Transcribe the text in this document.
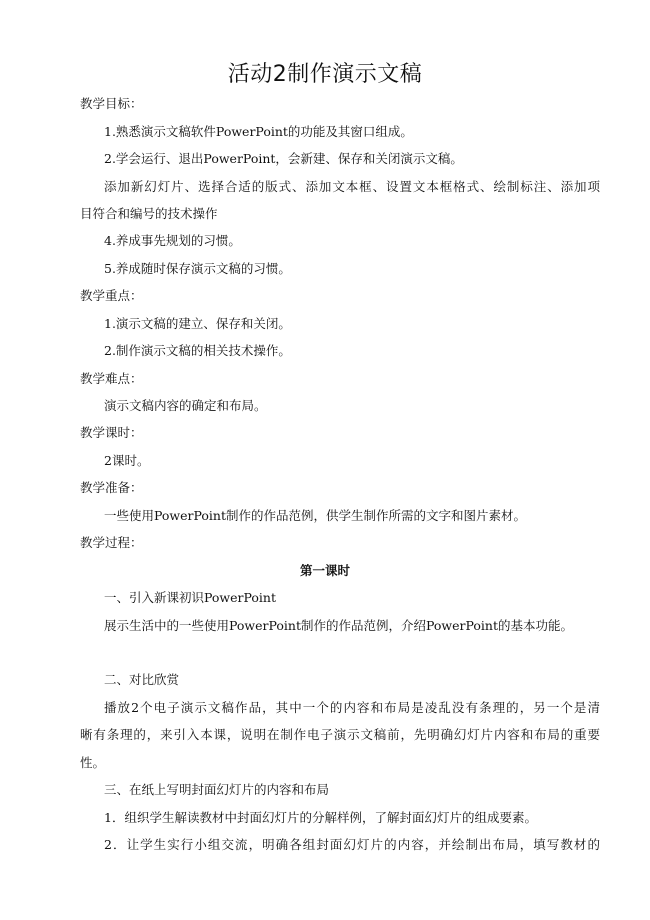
活动2制作演示文稿
教学目标：
1.熟悉演示文稿软件PowerPoint的功能及其窗口组成。
2.学会运行、退出PowerPoint，会新建、保存和关闭演示文稿。
添加新幻灯片、选择合适的版式、添加文本框、设置文本框格式、绘制标注、添加项
目符合和编号的技术操作
4.养成事先规划的习惯。
5.养成随时保存演示文稿的习惯。
教学重点：
1.演示文稿的建立、保存和关闭。
2.制作演示文稿的相关技术操作。
教学难点：
演示文稿内容的确定和布局。
教学课时：
2课时。
教学准备：
一些使用PowerPoint制作的作品范例，供学生制作所需的文字和图片素材。
教学过程：
第一课时
一、引入新课初识PowerPoint
展示生活中的一些使用PowerPoint制作的作品范例，介绍PowerPoint的基本功能。
二、对比欣赏
播放2个电子演示文稿作品，其中一个的内容和布局是凌乱没有条理的，另一个是清
晰有条理的，来引入本课，说明在制作电子演示文稿前，先明确幻灯片内容和布局的重要
性。
三、在纸上写明封面幻灯片的内容和布局
1．组织学生解读教材中封面幻灯片的分解样例，了解封面幻灯片的组成要素。
2．让学生实行小组交流，明确各组封面幻灯片的内容，并绘制出布局，填写教材的
